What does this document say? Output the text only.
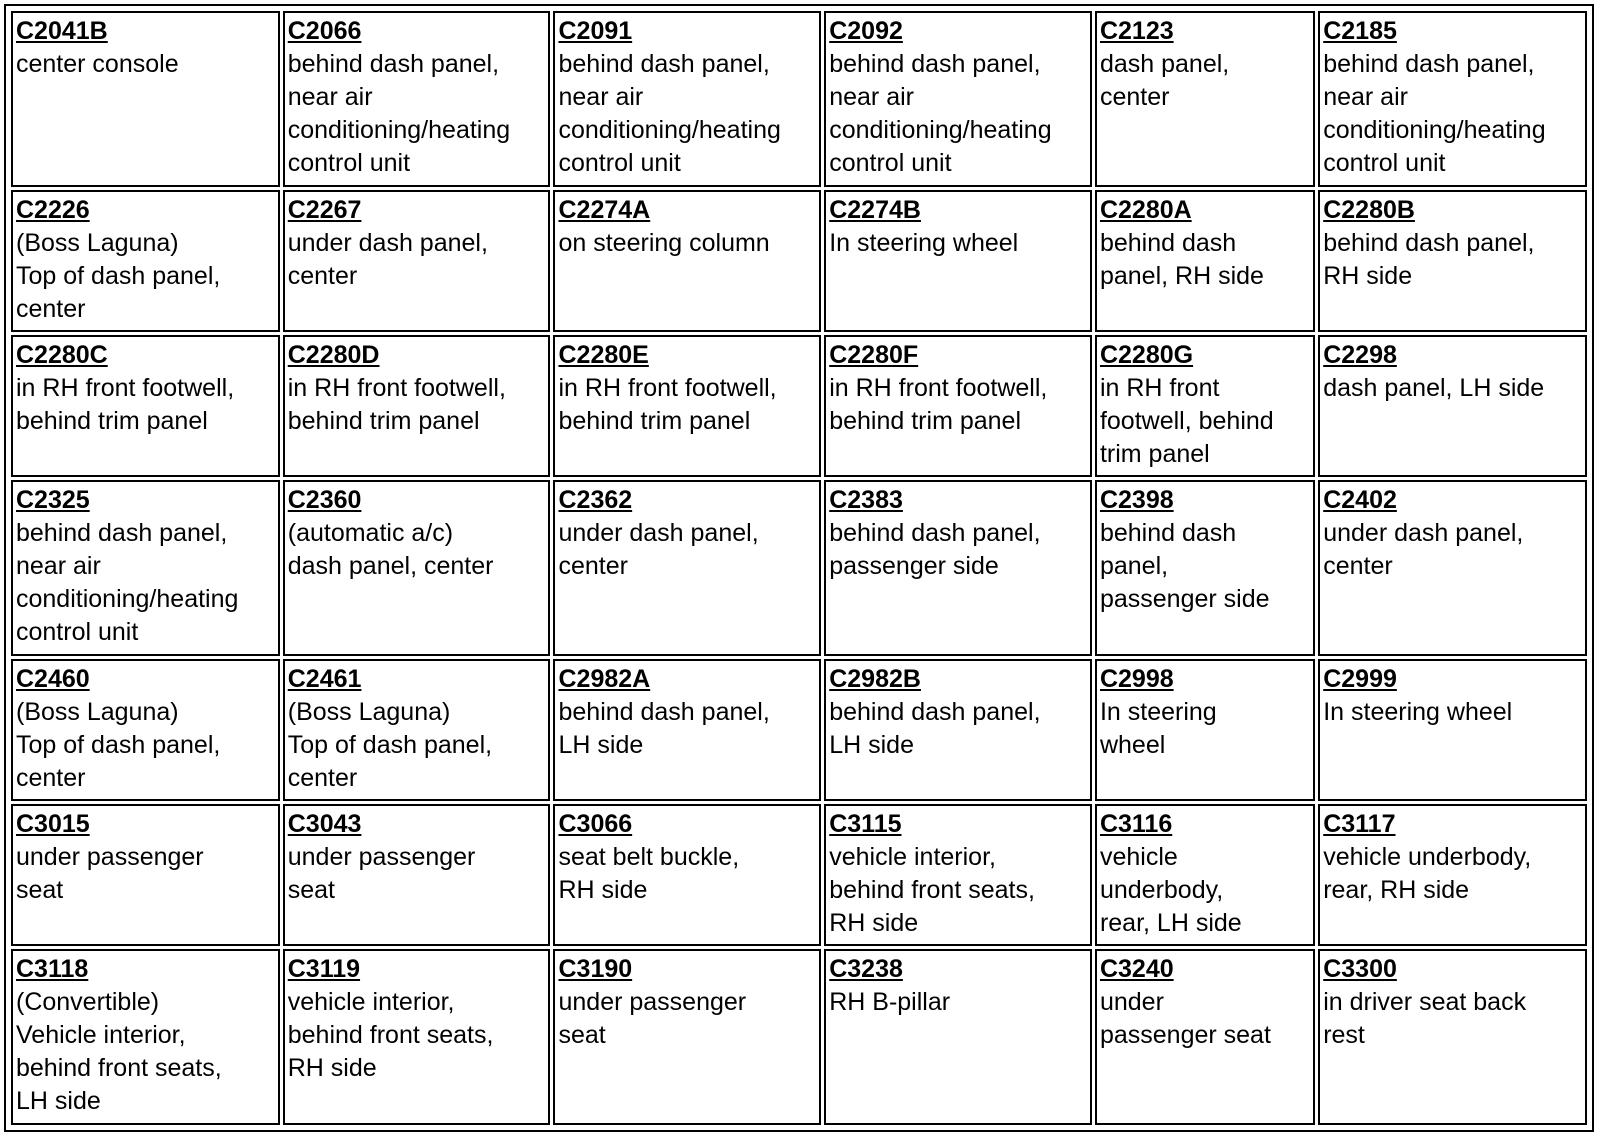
C2041B
center console	C2066
behind dash panel,
near air
conditioning/heating
control unit	C2091
behind dash panel,
near air
conditioning/heating
control unit	C2092
behind dash panel,
near air
conditioning/heating
control unit	C2123
dash panel,
center	C2185
behind dash panel,
near air
conditioning/heating
control unit

C2226
(Boss Laguna)
Top of dash panel,
center	C2267
under dash panel,
center	C2274A
on steering column	C2274B
In steering wheel	C2280A
behind dash
panel, RH side	C2280B
behind dash panel,
RH side

C2280C
in RH front footwell,
behind trim panel	C2280D
in RH front footwell,
behind trim panel	C2280E
in RH front footwell,
behind trim panel	C2280F
in RH front footwell,
behind trim panel	C2280G
in RH front
footwell, behind
trim panel	C2298
dash panel, LH side

C2325
behind dash panel,
near air
conditioning/heating
control unit	C2360
(automatic a/c)
dash panel, center	C2362
under dash panel,
center	C2383
behind dash panel,
passenger side	C2398
behind dash
panel,
passenger side	C2402
under dash panel,
center

C2460
(Boss Laguna)
Top of dash panel,
center	C2461
(Boss Laguna)
Top of dash panel,
center	C2982A
behind dash panel,
LH side	C2982B
behind dash panel,
LH side	C2998
In steering
wheel	C2999
In steering wheel

C3015
under passenger
seat	C3043
under passenger
seat	C3066
seat belt buckle,
RH side	C3115
vehicle interior,
behind front seats,
RH side	C3116
vehicle
underbody,
rear, LH side	C3117
vehicle underbody,
rear, RH side

C3118
(Convertible)
Vehicle interior,
behind front seats,
LH side	C3119
vehicle interior,
behind front seats,
RH side	C3190
under passenger
seat	C3238
RH B-pillar	C3240
under
passenger seat	C3300
in driver seat back
rest
